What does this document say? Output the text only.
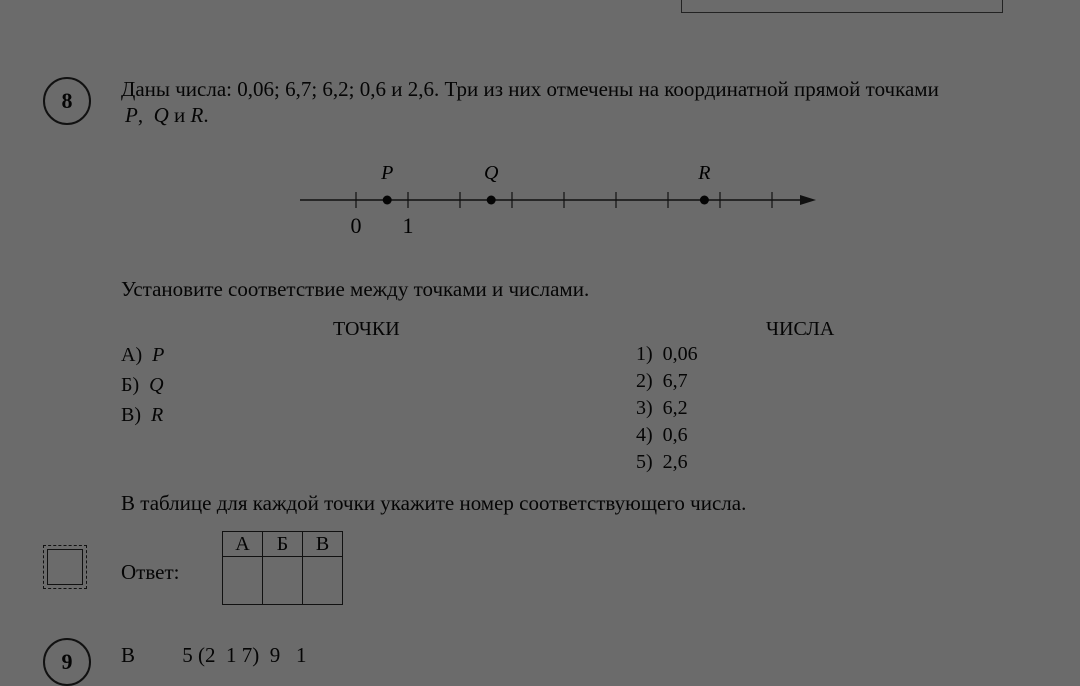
8 Даны числа: 0,06; 6,7; 6,2; 0,6 и 2,6. Три из них отмечены на координатной прямой точками
P, Q и R.
P	Q	R
0 1
Установите соответствие между точками и числами.
ТОЧКИ	ЧИСЛА
А) P
Б) Q
В) R
1) 0,06
2) 6,7
3) 6,2
4) 0,6
5) 2,6
В таблице для каждой точки укажите номер соответствующего числа.
Ответ:
А	Б	В

9 В         5 (2  1 7)  9   1
